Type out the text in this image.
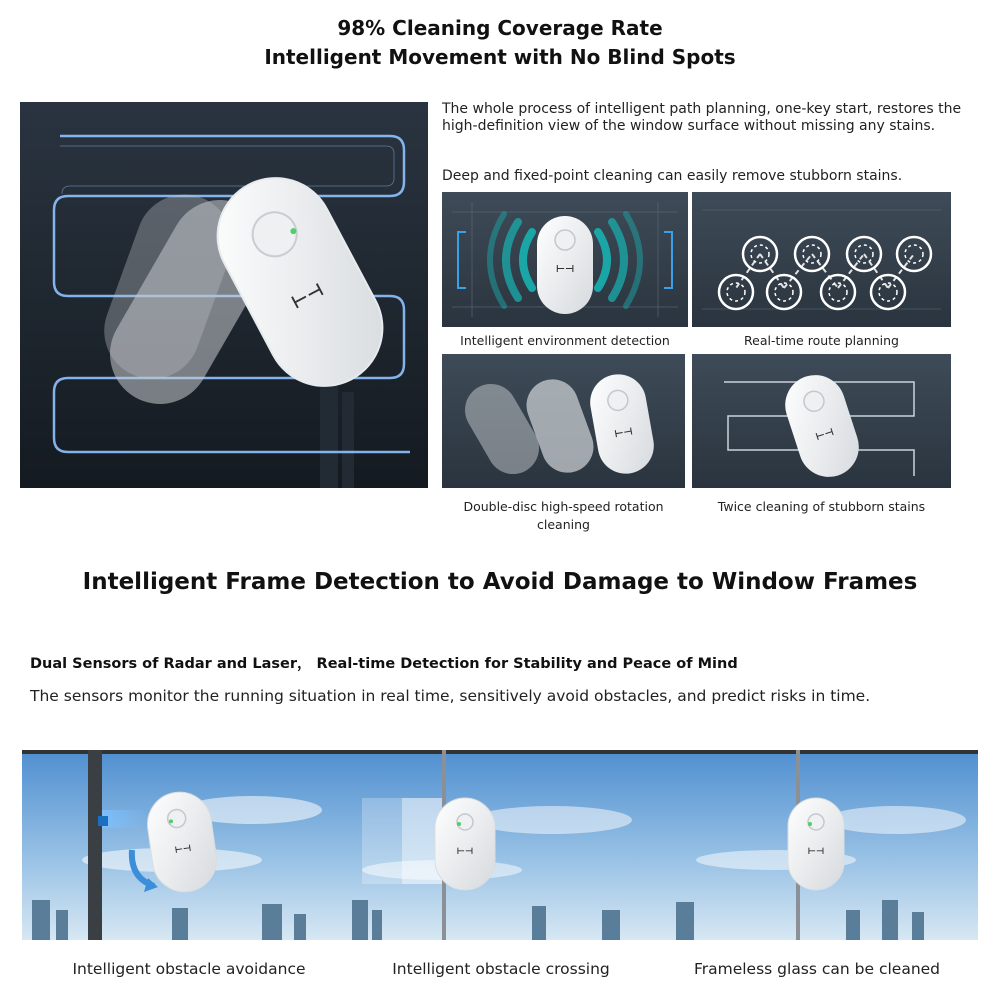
98% Cleaning Coverage Rate
Intelligent Movement with No Blind Spots
⊢⊣
The whole process of intelligent path planning, one-key start, restores the high-definition view of the window surface without missing any stains.
Deep and fixed-point cleaning can easily remove stubborn stains.
⊢⊣
Intelligent environment detection	Real-time route planning
⊢⊣
Double-disc high-speed rotation cleaning
⊢⊣
Twice cleaning of stubborn stains
Intelligent Frame Detection to Avoid Damage to Window Frames
Dual Sensors of Radar and Laser， Real-time Detection for Stability and Peace of Mind
The sensors monitor the running situation in real time, sensitively avoid obstacles, and predict risks in time.
⊢⊣	⊢⊣	⊢⊣
Intelligent obstacle avoidance	Intelligent obstacle crossing	Frameless glass can be cleaned
